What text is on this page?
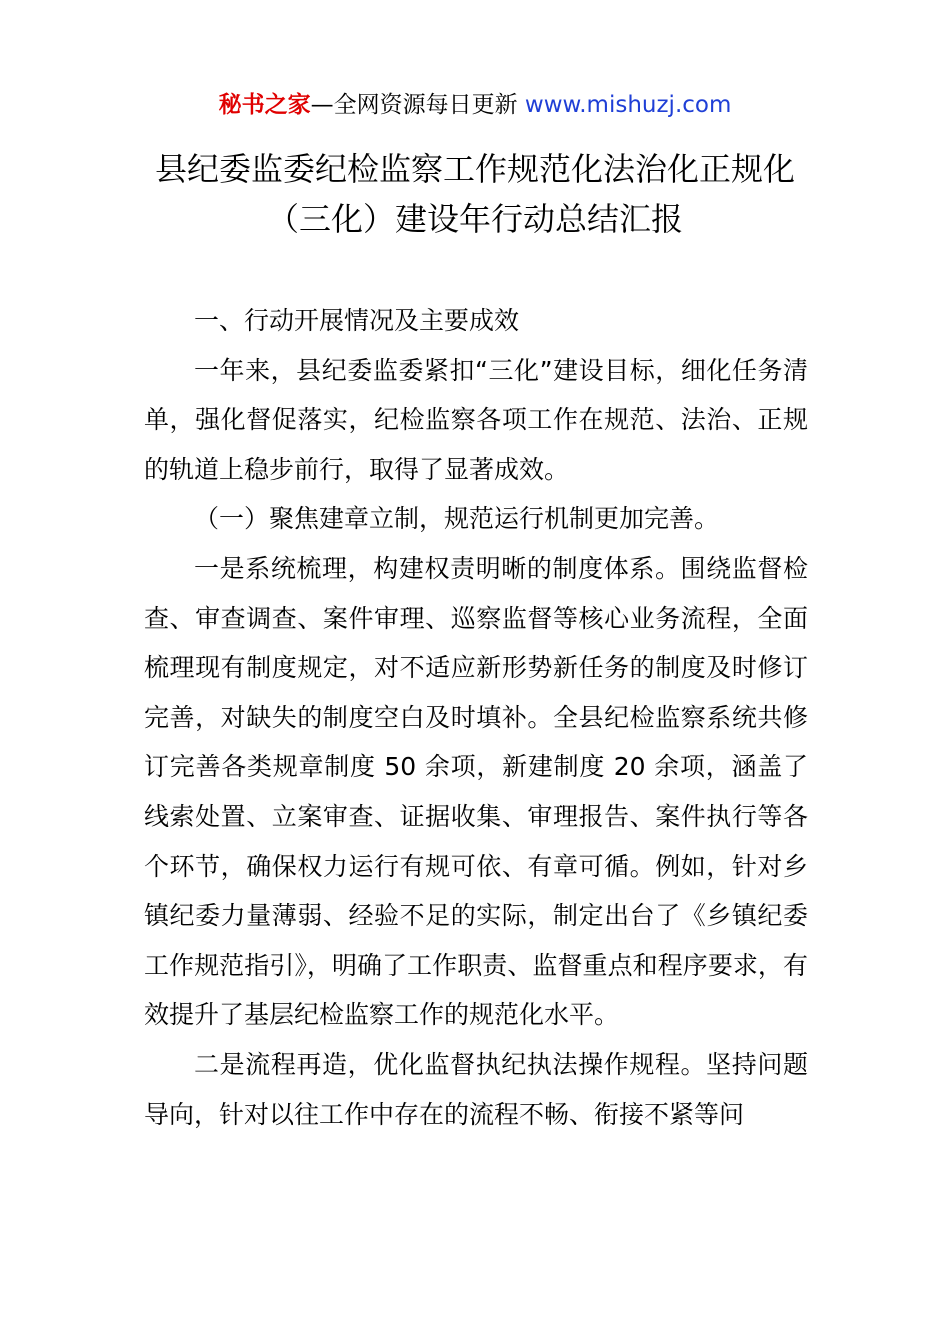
秘书之家—全网资源每日更新 www.mishuzj.com
县纪委监委纪检监察工作规范化法治化正规化
（三化）建设年行动总结汇报

一、行动开展情况及主要成效

一年来，县纪委监委紧扣“三化”建设目标，细化任务清单，强化督促落实，纪检监察各项工作在规范、法治、正规的轨道上稳步前行，取得了显著成效。

（一）聚焦建章立制，规范运行机制更加完善。

一是系统梳理，构建权责明晰的制度体系。围绕监督检查、审查调查、案件审理、巡察监督等核心业务流程，全面梳理现有制度规定，对不适应新形势新任务的制度及时修订完善，对缺失的制度空白及时填补。全县纪检监察系统共修订完善各类规章制度 50 余项，新建制度 20 余项，涵盖了线索处置、立案审查、证据收集、审理报告、案件执行等各个环节，确保权力运行有规可依、有章可循。例如，针对乡镇纪委力量薄弱、经验不足的实际，制定出台了《乡镇纪委工作规范指引》，明确了工作职责、监督重点和程序要求，有效提升了基层纪检监察工作的规范化水平。

二是流程再造，优化监督执纪执法操作规程。坚持问题导向，针对以往工作中存在的流程不畅、衔接不紧等问
